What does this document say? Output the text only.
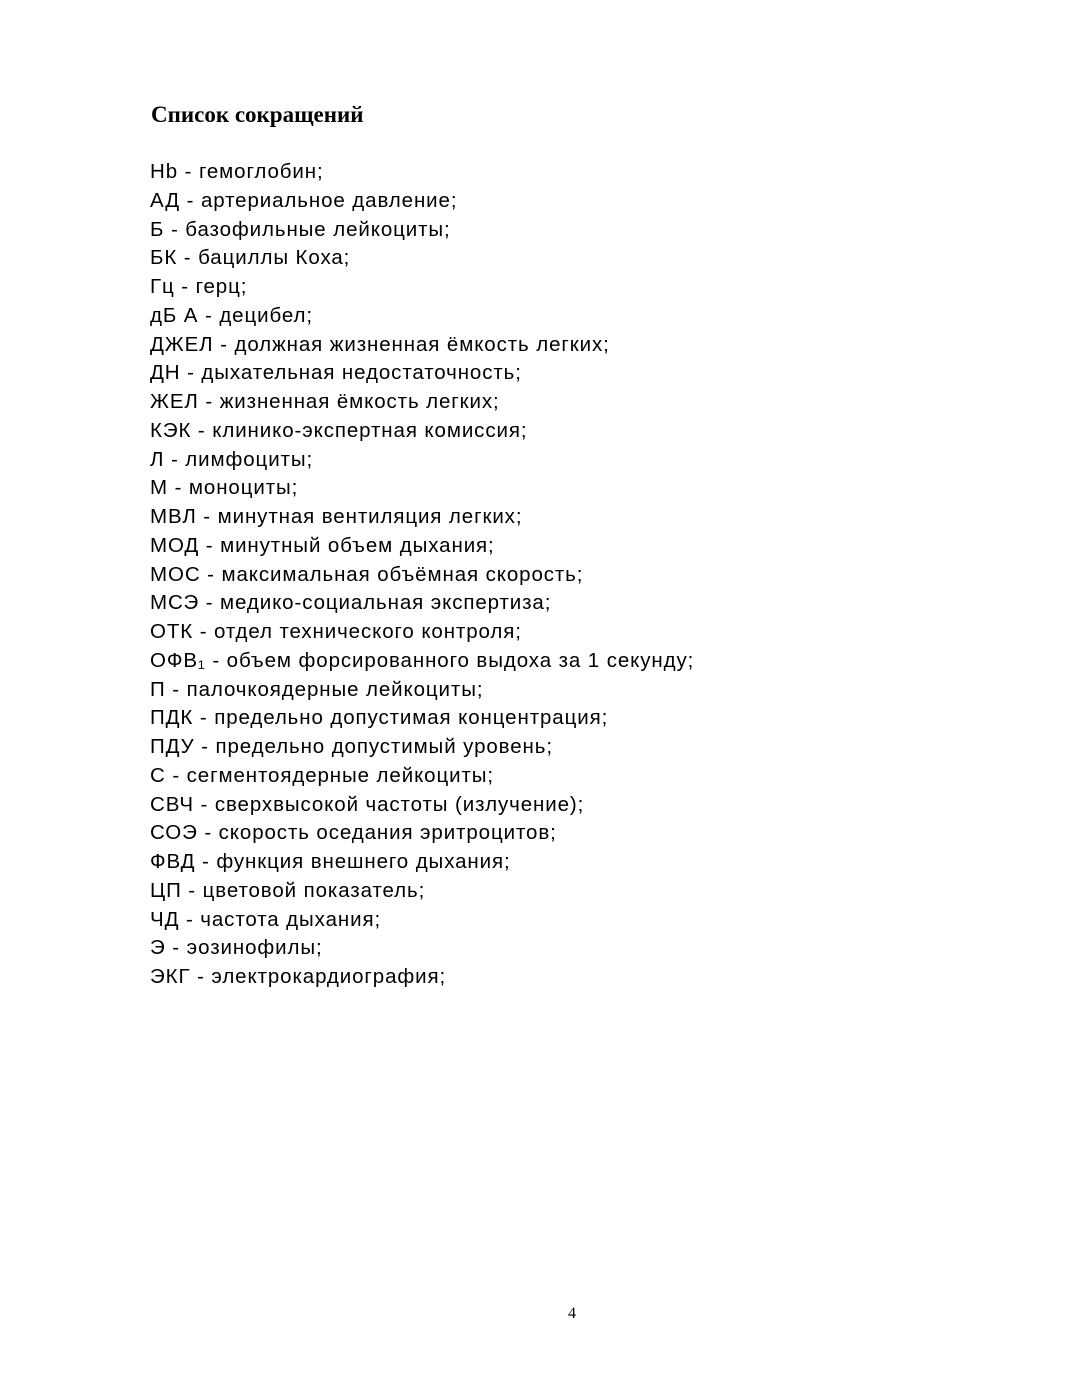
Список сокращений
Hb - гемоглобин;
АД - артериальное давление;
Б - базофильные лейкоциты;
БК - бациллы Коха;
Гц - герц;
дБ А - децибел;
ДЖЕЛ - должная жизненная ёмкость легких;
ДН - дыхательная недостаточность;
ЖЕЛ - жизненная ёмкость легких;
КЭК - клинико-экспертная комиссия;
Л - лимфоциты;
М - моноциты;
МВЛ - минутная вентиляция легких;
МОД - минутный объем дыхания;
МОС - максимальная объёмная скорость;
МСЭ - медико-социальная экспертиза;
ОТК - отдел технического контроля;
ОФВ₁ - объем форсированного выдоха за 1 секунду;
П - палочкоядерные лейкоциты;
ПДК - предельно допустимая концентрация;
ПДУ - предельно допустимый уровень;
С - сегментоядерные лейкоциты;
СВЧ - сверхвысокой частоты (излучение);
СОЭ - скорость оседания эритроцитов;
ФВД - функция внешнего дыхания;
ЦП - цветовой показатель;
ЧД - частота дыхания;
Э - эозинофилы;
ЭКГ - электрокардиография;
4
